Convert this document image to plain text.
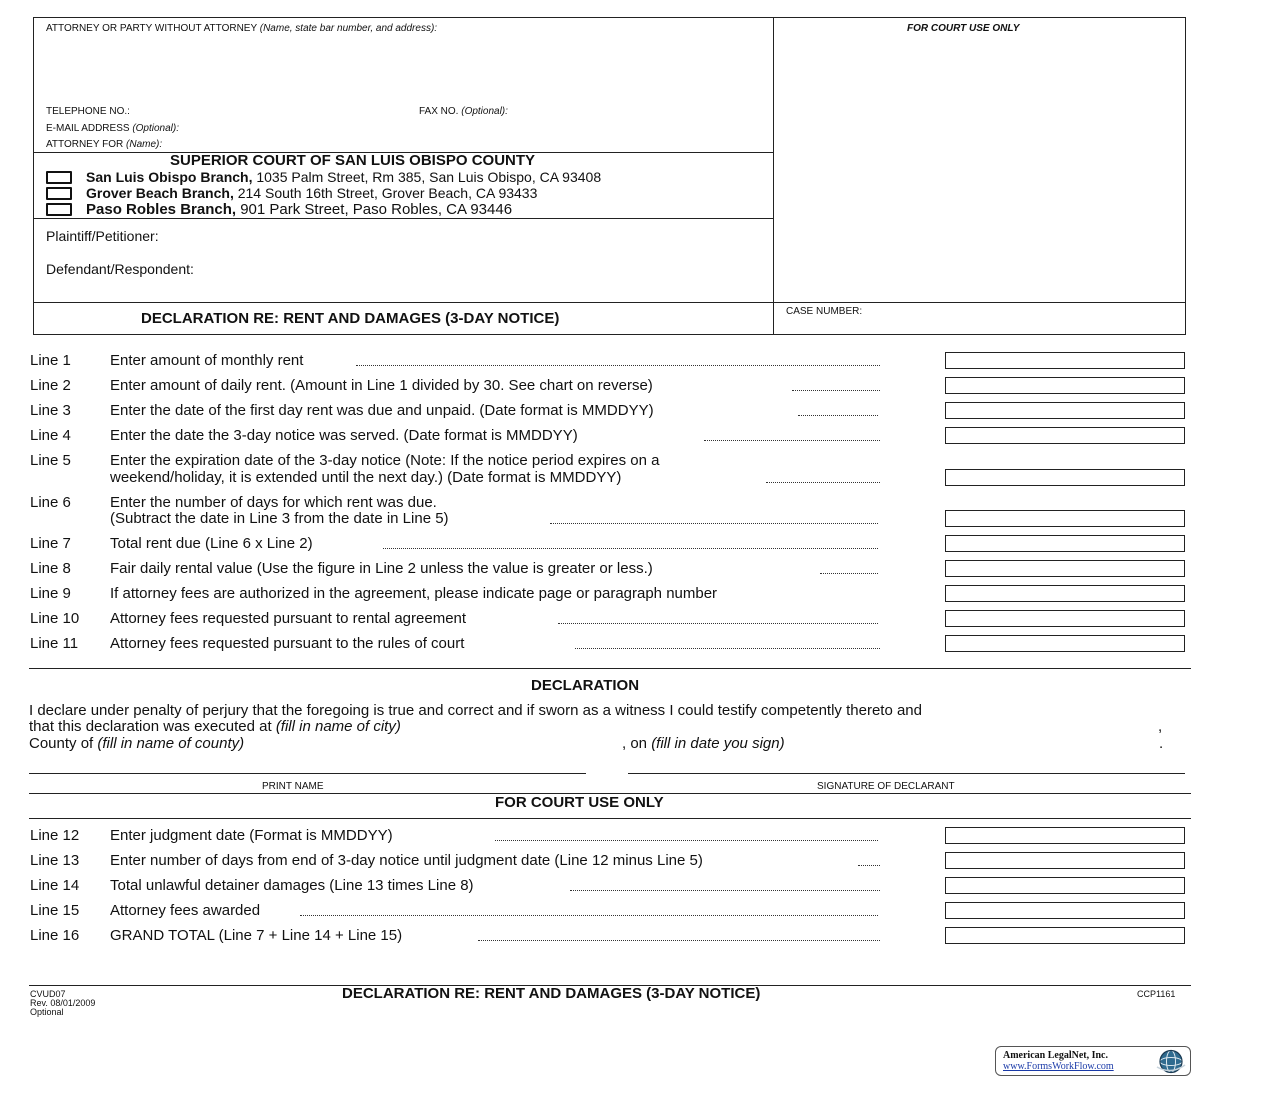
ATTORNEY OR PARTY WITHOUT ATTORNEY (Name, state bar number, and address):	FOR COURT USE ONLY
TELEPHONE NO.:	FAX NO. (Optional):
E-MAIL ADDRESS (Optional):
ATTORNEY FOR (Name):
SUPERIOR COURT OF SAN LUIS OBISPO COUNTY
San Luis Obispo Branch, 1035 Palm Street, Rm 385, San Luis Obispo, CA 93408
Grover Beach Branch, 214 South 16th Street, Grover Beach, CA 93433
Paso Robles Branch, 901 Park Street, Paso Robles, CA 93446
Plaintiff/Petitioner:
Defendant/Respondent:
DECLARATION RE: RENT AND DAMAGES (3-DAY NOTICE)	CASE NUMBER:
Line 1	Enter amount of monthly rent
Line 2	Enter amount of daily rent. (Amount in Line 1 divided by 30. See chart on reverse)
Line 3	Enter the date of the first day rent was due and unpaid. (Date format is MMDDYY)
Line 4	Enter the date the 3-day notice was served. (Date format is MMDDYY)
Line 5	Enter the expiration date of the 3-day notice (Note: If the notice period expires on a
weekend/holiday, it is extended until the next day.) (Date format is MMDDYY)
Line 6	Enter the number of days for which rent was due.
(Subtract the date in Line 3 from the date in Line 5)
Line 7	Total rent due (Line 6 x Line 2)
Line 8	Fair daily rental value (Use the figure in Line 2 unless the value is greater or less.)
Line 9	If attorney fees are authorized in the agreement, please indicate page or paragraph number
Line 10	Attorney fees requested pursuant to rental agreement
Line 11	Attorney fees requested pursuant to the rules of court
DECLARATION
I declare under penalty of perjury that the foregoing is true and correct and if sworn as a witness I could testify competently thereto and
that this declaration was executed at (fill in name of city)	,
County of (fill in name of county)	, on (fill in date you sign)	.
PRINT NAME	SIGNATURE OF DECLARANT
FOR COURT USE ONLY
Line 12	Enter judgment date (Format is MMDDYY)
Line 13	Enter number of days from end of 3-day notice until judgment date (Line 12 minus Line 5)
Line 14	Total unlawful detainer damages (Line 13 times Line 8)
Line 15	Attorney fees awarded
Line 16	GRAND TOTAL (Line 7 + Line 14 + Line 15)
CVUD07
Rev. 08/01/2009
Optional
DECLARATION RE: RENT AND DAMAGES (3-DAY NOTICE)	CCP1161
American LegalNet, Inc.
www.FormsWorkFlow.com
